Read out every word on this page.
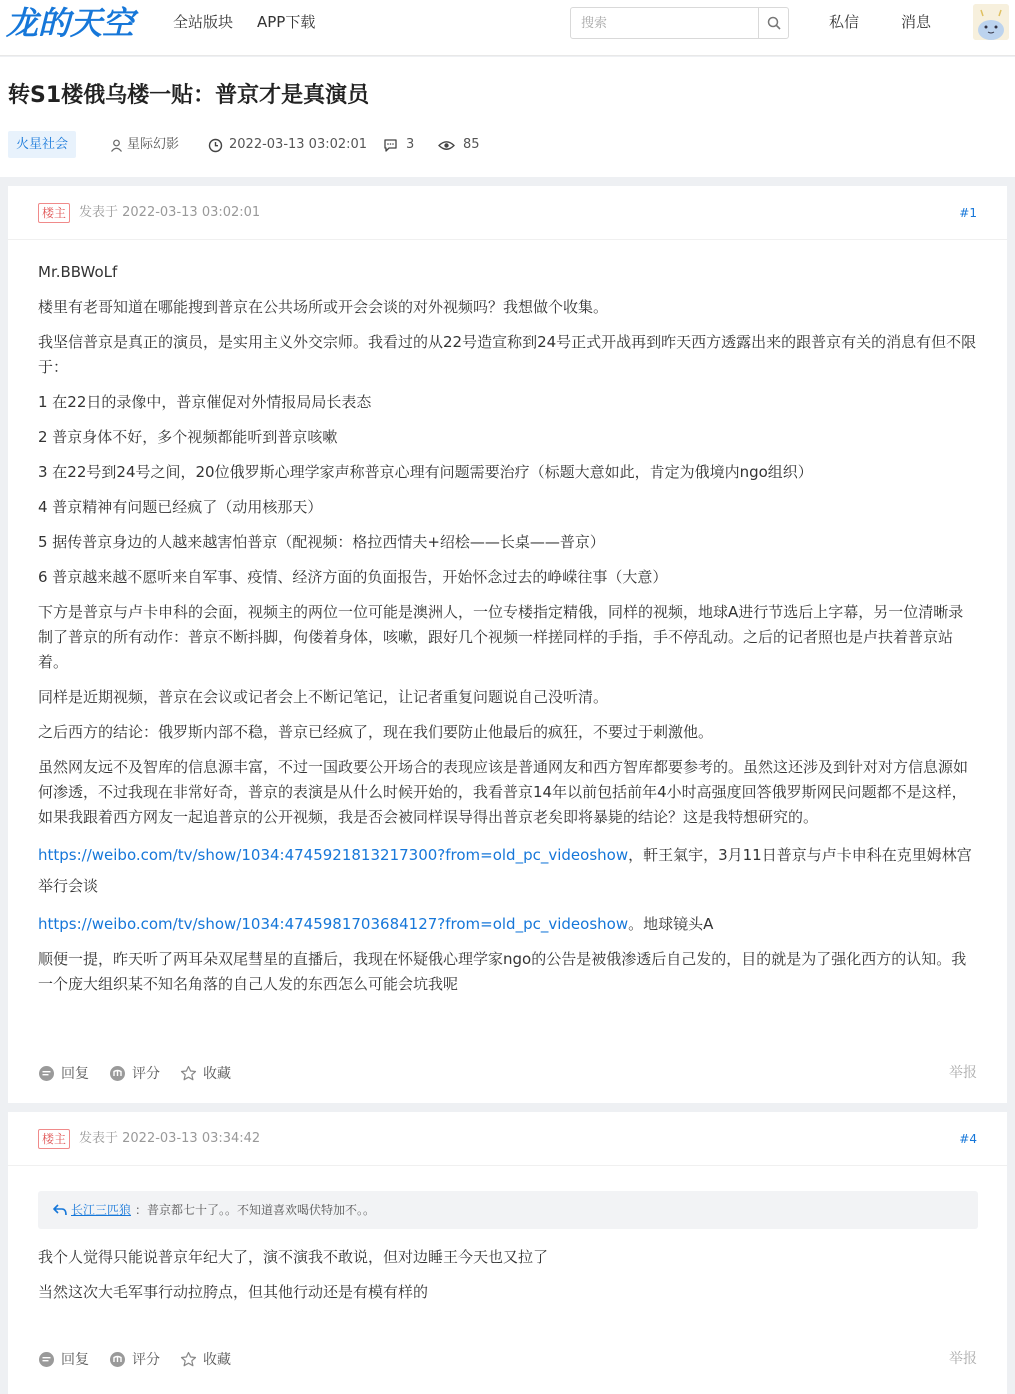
龙的天空	全站版块 APP下载
搜索	私信	消息
转S1楼俄乌楼一贴：普京才是真演员
火星社会	星际幻影	2022-03-13 03:02:01	3	85
楼主 发表于 2022-03-13 03:02:01	#1

Mr.BBWoLf

楼里有老哥知道在哪能搜到普京在公共场所或开会会谈的对外视频吗？我想做个收集。

我坚信普京是真正的演员，是实用主义外交宗师。我看过的从22号造宣称到24号正式开战再到昨天西方透露出来的跟普京有关的消息有但不限于：

1 在22日的录像中，普京催促对外情报局局长表态

2 普京身体不好，多个视频都能听到普京咳嗽

3 在22号到24号之间，20位俄罗斯心理学家声称普京心理有问题需要治疗（标题大意如此，肯定为俄境内ngo组织）

4 普京精神有问题已经疯了（动用核那天）

5 据传普京身边的人越来越害怕普京（配视频：格拉西情夫+绍桧——长桌——普京）

6 普京越来越不愿听来自军事、疫情、经济方面的负面报告，开始怀念过去的峥嵘往事（大意）

下方是普京与卢卡申科的会面，视频主的两位一位可能是澳洲人，一位专楼指定精俄，同样的视频，地球A进行节选后上字幕，另一位清晰录制了普京的所有动作：普京不断抖脚，佝偻着身体，咳嗽，跟好几个视频一样搓同样的手指，手不停乱动。之后的记者照也是卢扶着普京站着。

同样是近期视频，普京在会议或记者会上不断记笔记，让记者重复问题说自己没听清。

之后西方的结论：俄罗斯内部不稳，普京已经疯了，现在我们要防止他最后的疯狂，不要过于刺激他。

虽然网友远不及智库的信息源丰富，不过一国政要公开场合的表现应该是普通网友和西方智库都要参考的。虽然这还涉及到针对对方信息源如何渗透，不过我现在非常好奇，普京的表演是从什么时候开始的，我看普京14年以前包括前年4小时高强度回答俄罗斯网民问题都不是这样，如果我跟着西方网友一起追普京的公开视频，我是否会被同样误导得出普京老矣即将暴毙的结论？这是我特想研究的。

https://weibo.com/tv/show/1034:4745921813217300?from=old_pc_videoshow，軒王氣宇，3月11日普京与卢卡申科在克里姆林宫举行会谈

https://weibo.com/tv/show/1034:4745981703684127?from=old_pc_videoshow。地球镜头A

顺便一提，昨天听了两耳朵双尾彗星的直播后，我现在怀疑俄心理学家ngo的公告是被俄渗透后自己发的，目的就是为了强化西方的认知。我一个庞大组织某不知名角落的自己人发的东西怎么可能会坑我呢

回复	评分	收藏	举报
楼主 发表于 2022-03-13 03:34:42	#4
长江三匹狼 ：普京都七十了。。不知道喜欢喝伏特加不。。

我个人觉得只能说普京年纪大了，演不演我不敢说，但对边睡王今天也又拉了

当然这次大毛军事行动拉胯点，但其他行动还是有模有样的

回复	评分	收藏	举报
